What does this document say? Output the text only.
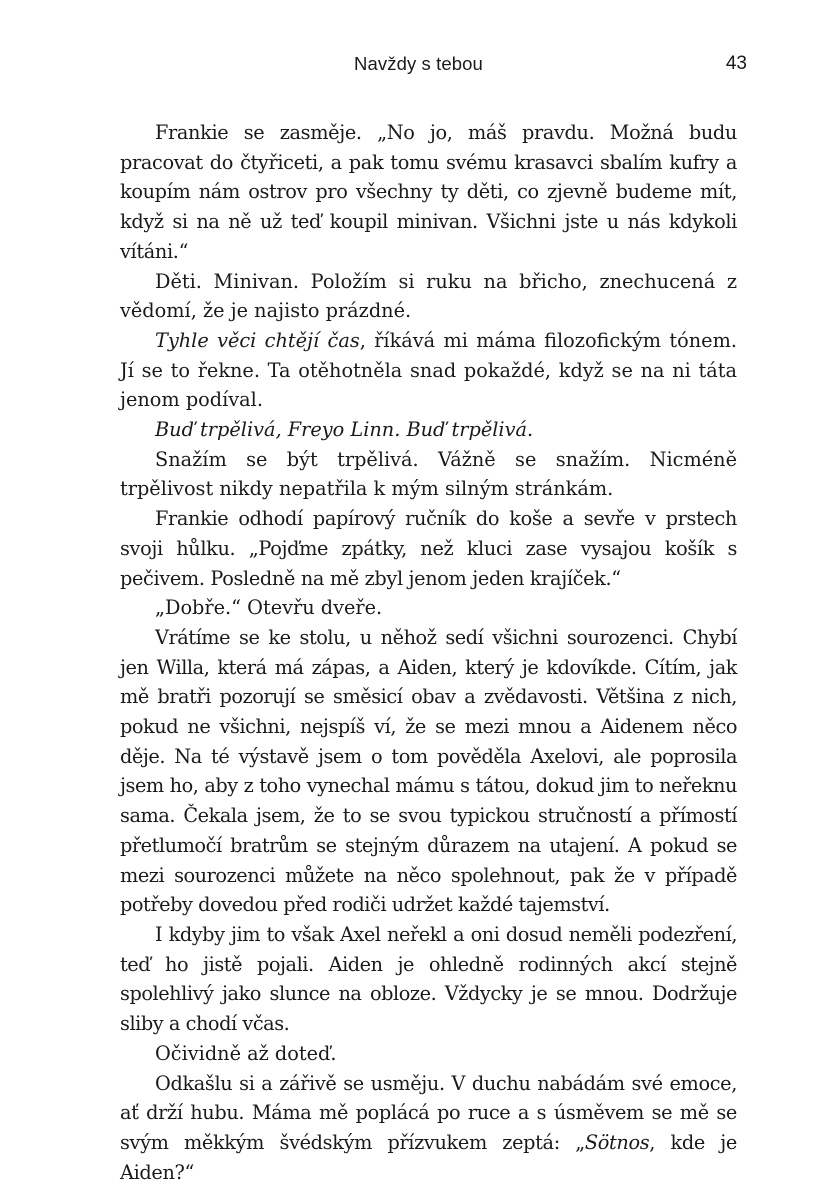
Navždy s tebou	43

Frankie se zasměje. „No jo, máš pravdu. Možná budu pracovat do čtyřiceti, a pak tomu svému krasavci sbalím kufry a koupím nám ostrov pro všechny ty děti, co zjevně budeme mít, když si na ně už teď koupil minivan. Všichni jste u nás kdykoli vítáni.“

Děti. Minivan. Položím si ruku na břicho, znechucená z vědomí, že je najisto prázdné.

Tyhle věci chtějí čas, říkává mi máma filozofickým tónem. Jí se to řekne. Ta otěhotněla snad pokaždé, když se na ni táta jenom podíval.

Buď trpělivá, Freyo Linn. Buď trpělivá.

Snažím se být trpělivá. Vážně se snažím. Nicméně trpělivost nikdy nepatřila k mým silným stránkám.

Frankie odhodí papírový ručník do koše a sevře v prstech svoji hůlku. „Pojďme zpátky, než kluci zase vysajou košík s pečivem. Posledně na mě zbyl jenom jeden krajíček.“

„Dobře.“ Otevřu dveře.

Vrátíme se ke stolu, u něhož sedí všichni sourozenci. Chybí jen Willa, která má zápas, a Aiden, který je kdovíkde. Cítím, jak mě bratři pozorují se směsicí obav a zvědavosti. Většina z nich, pokud ne všichni, nejspíš ví, že se mezi mnou a Aidenem něco děje. Na té výstavě jsem o tom pověděla Axelovi, ale poprosila jsem ho, aby z toho vynechal mámu s tátou, dokud jim to neřeknu sama. Čekala jsem, že to se svou typickou stručností a přímostí přetlumočí bratrům se stejným důrazem na utajení. A pokud se mezi sourozenci můžete na něco spolehnout, pak že v případě potřeby dovedou před rodiči udržet každé tajemství.

I kdyby jim to však Axel neřekl a oni dosud neměli podezření, teď ho jistě pojali. Aiden je ohledně rodinných akcí stejně spolehlivý jako slunce na obloze. Vždycky je se mnou. Dodržuje sliby a chodí včas.

Očividně až doteď.

Odkašlu si a zářivě se usměju. V duchu nabádám své emoce, ať drží hubu. Máma mě poplácá po ruce a s úsměvem se mě se svým měkkým švédským přízvukem zeptá: „Sötnos, kde je Aiden?“
